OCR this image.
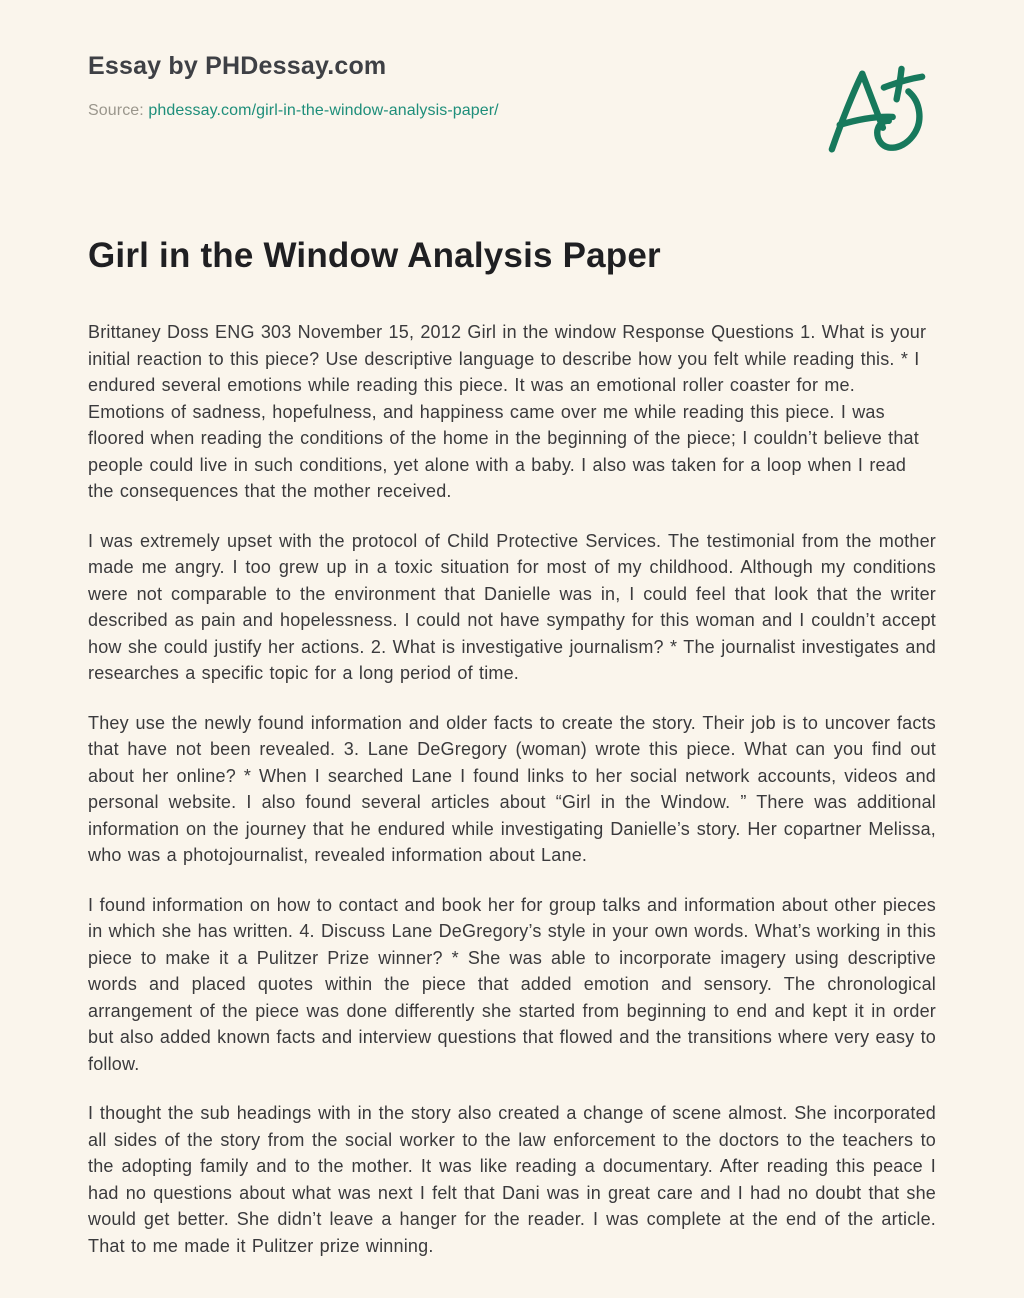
Essay by PHDessay.com
Source: phdessay.com/girl-in-the-window-analysis-paper/
Girl in the Window Analysis Paper

Brittaney Doss ENG 303 November 15, 2012 Girl in the window Response Questions 1. What is your initial reaction to this piece? Use descriptive language to describe how you felt while reading this. * I endured several emotions while reading this piece. It was an emotional roller coaster for me. Emotions of sadness, hopefulness, and happiness came over me while reading this piece. I was floored when reading the conditions of the home in the beginning of the piece; I couldn’t believe that people could live in such conditions, yet alone with a baby. I also was taken for a loop when I read the consequences that the mother received.

I was extremely upset with the protocol of Child Protective Services. The testimonial from the mother made me angry. I too grew up in a toxic situation for most of my childhood. Although my conditions were not comparable to the environment that Danielle was in, I could feel that look that the writer described as pain and hopelessness. I could not have sympathy for this woman and I couldn’t accept how she could justify her actions. 2. What is investigative journalism? * The journalist investigates and researches a specific topic for a long period of time.

They use the newly found information and older facts to create the story. Their job is to uncover facts that have not been revealed. 3. Lane DeGregory (woman) wrote this piece. What can you find out about her online? * When I searched Lane I found links to her social network accounts, videos and personal website. I also found several articles about “Girl in the Window. ” There was additional information on the journey that he endured while investigating Danielle’s story. Her copartner Melissa, who was a photojournalist, revealed information about Lane.

I found information on how to contact and book her for group talks and information about other pieces in which she has written. 4. Discuss Lane DeGregory’s style in your own words. What’s working in this piece to make it a Pulitzer Prize winner? * She was able to incorporate imagery using descriptive words and placed quotes within the piece that added emotion and sensory. The chronological arrangement of the piece was done differently she started from beginning to end and kept it in order but also added known facts and interview questions that flowed and the transitions where very easy to follow.

I thought the sub headings with in the story also created a change of scene almost. She incorporated all sides of the story from the social worker to the law enforcement to the doctors to the teachers to the adopting family and to the mother. It was like reading a documentary. After reading this peace I had no questions about what was next I felt that Dani was in great care and I had no doubt that she would get better. She didn’t leave a hanger for the reader. I was complete at the end of the article. That to me made it Pulitzer prize winning.
